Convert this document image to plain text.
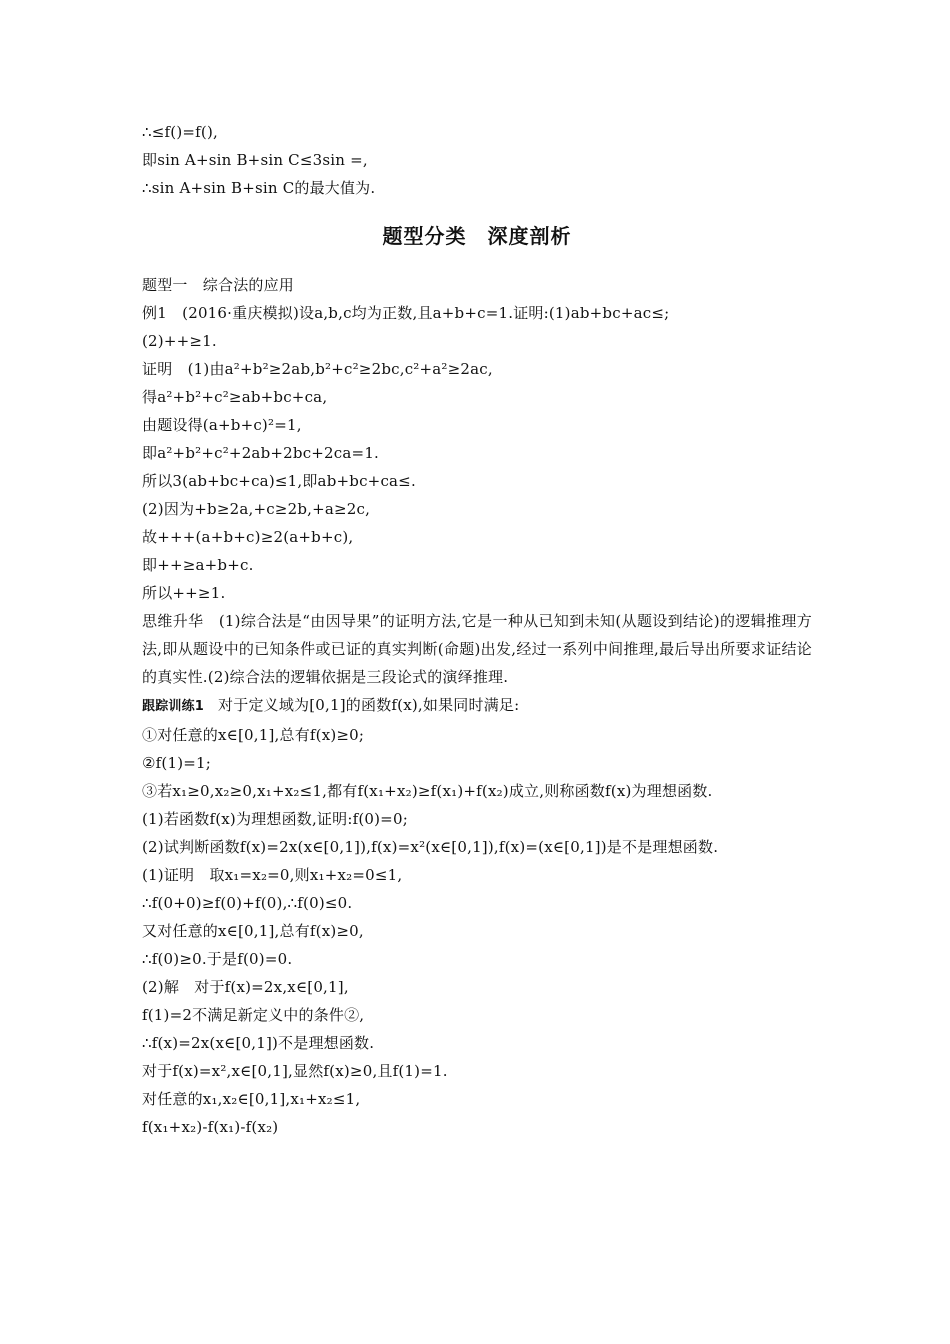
∴≤f()=f(),
即sin A+sin B+sin C≤3sin =,
∴sin A+sin B+sin C的最大值为.
题型分类　深度剖析
题型一　综合法的应用
例1　(2016·重庆模拟)设a,b,c均为正数,且a+b+c=1.证明:(1)ab+bc+ac≤;
(2)++≥1.
证明　(1)由a²+b²≥2ab,b²+c²≥2bc,c²+a²≥2ac,
得a²+b²+c²≥ab+bc+ca,
由题设得(a+b+c)²=1,
即a²+b²+c²+2ab+2bc+2ca=1.
所以3(ab+bc+ca)≤1,即ab+bc+ca≤.
(2)因为+b≥2a,+c≥2b,+a≥2c,
故+++(a+b+c)≥2(a+b+c),
即++≥a+b+c.
所以++≥1.
思维升华　(1)综合法是“由因导果”的证明方法,它是一种从已知到未知(从题设到结论)的逻辑推理方法,即从题设中的已知条件或已证的真实判断(命题)出发,经过一系列中间推理,最后导出所要求证结论的真实性.(2)综合法的逻辑依据是三段论式的演绎推理.
跟踪训练1 对于定义域为[0,1]的函数f(x),如果同时满足:
①对任意的x∈[0,1],总有f(x)≥0;
②f(1)=1;
③若x₁≥0,x₂≥0,x₁+x₂≤1,都有f(x₁+x₂)≥f(x₁)+f(x₂)成立,则称函数f(x)为理想函数.
(1)若函数f(x)为理想函数,证明:f(0)=0;
(2)试判断函数f(x)=2x(x∈[0,1]),f(x)=x²(x∈[0,1]),f(x)=(x∈[0,1])是不是理想函数.
(1)证明　取x₁=x₂=0,则x₁+x₂=0≤1,
∴f(0+0)≥f(0)+f(0),∴f(0)≤0.
又对任意的x∈[0,1],总有f(x)≥0,
∴f(0)≥0.于是f(0)=0.
(2)解　对于f(x)=2x,x∈[0,1],
f(1)=2不满足新定义中的条件②,
∴f(x)=2x(x∈[0,1])不是理想函数.
对于f(x)=x²,x∈[0,1],显然f(x)≥0,且f(1)=1.
对任意的x₁,x₂∈[0,1],x₁+x₂≤1,
f(x₁+x₂)-f(x₁)-f(x₂)
